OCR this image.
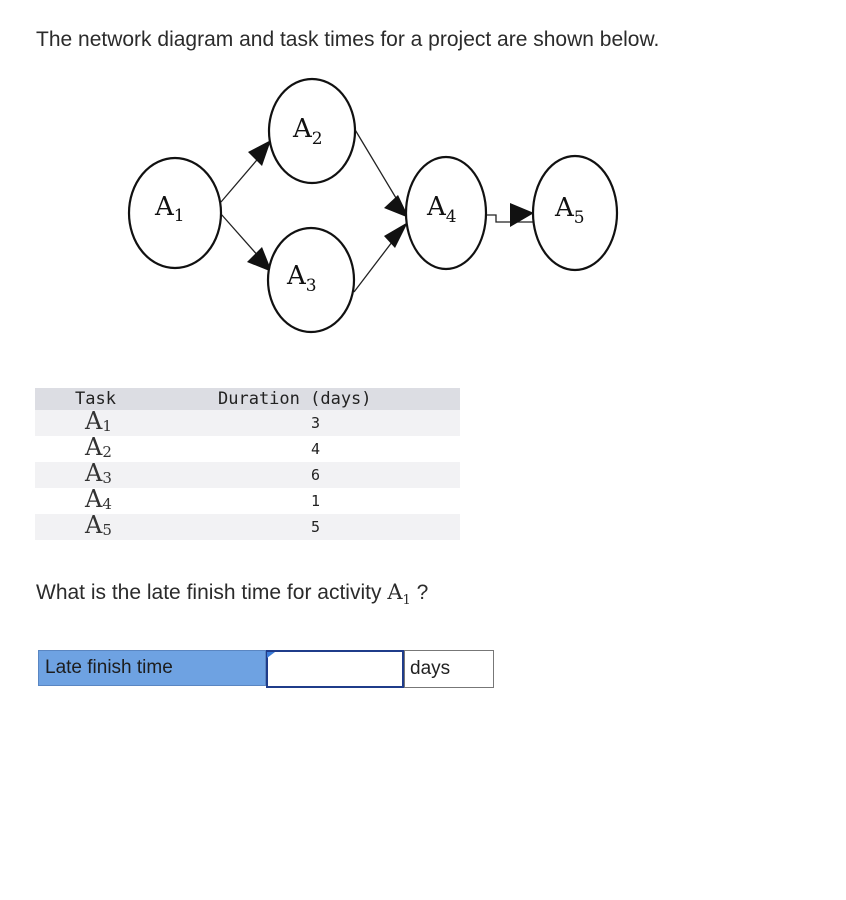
The network diagram and task times for a project are shown below.
$A_1$
$A_2$
$A_3$
$A_4$	$A_5$
Task	Duration (days)
$A_1$	3
$A_2$	4
$A_3$	6
$A_4$	1
$A_5$	5
What is the late finish time for activity $A_1$ ?
Late finish time	days
